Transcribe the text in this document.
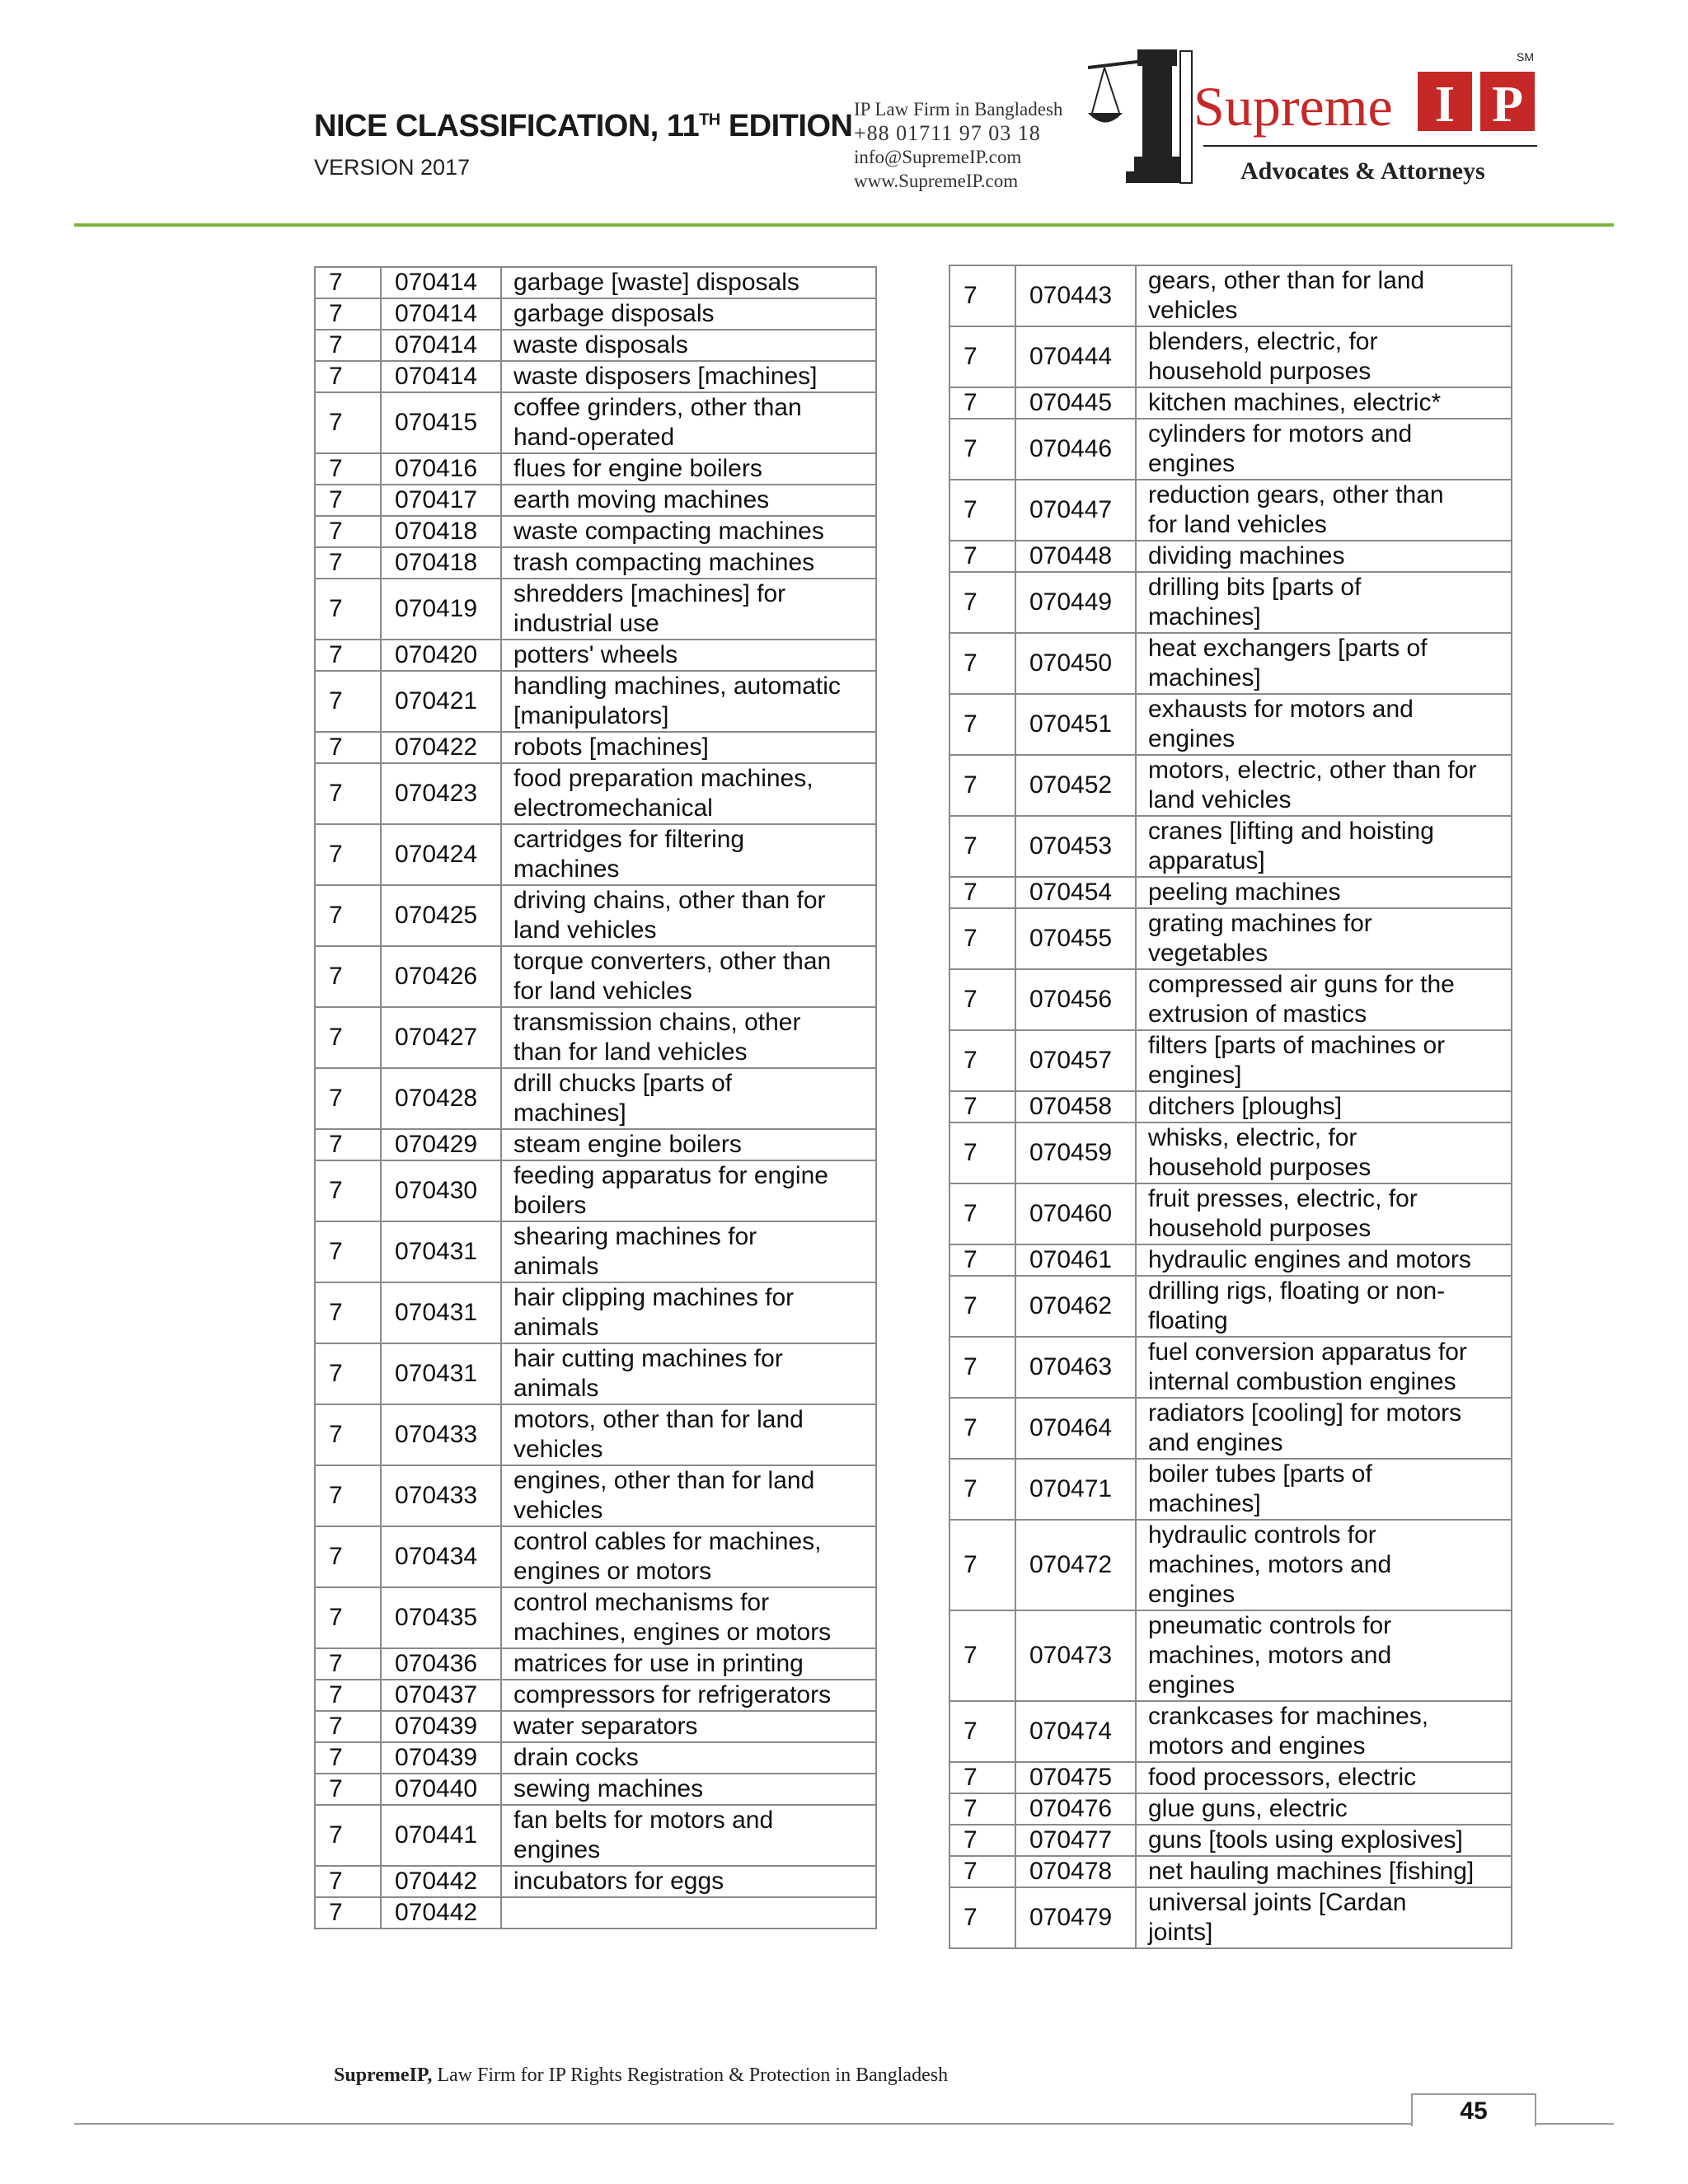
NICE CLASSIFICATION, 11TH EDITION
VERSION 2017
IP Law Firm in Bangladesh
+88 01711 97 03 18
info@SupremeIP.com
www.SupremeIP.com
Supreme I P
SM
Advocates & Attorneys
7	070414	garbage [waste] disposals

7	070414	garbage disposals

7	070414	waste disposals

7	070414	waste disposers [machines]

7	070415	coffee grinders, other than
hand-operated

7	070416	flues for engine boilers

7	070417	earth moving machines

7	070418	waste compacting machines

7	070418	trash compacting machines

7	070419	shredders [machines] for
industrial use

7	070420	potters' wheels

7	070421	handling machines, automatic
[manipulators]

7	070422	robots [machines]

7	070423	food preparation machines,
electromechanical

7	070424	cartridges for filtering
machines

7	070425	driving chains, other than for
land vehicles

7	070426	torque converters, other than
for land vehicles

7	070427	transmission chains, other
than for land vehicles

7	070428	drill chucks [parts of
machines]

7	070429	steam engine boilers

7	070430	feeding apparatus for engine
boilers

7	070431	shearing machines for
animals

7	070431	hair clipping machines for
animals

7	070431	hair cutting machines for
animals

7	070433	motors, other than for land
vehicles

7	070433	engines, other than for land
vehicles

7	070434	control cables for machines,
engines or motors

7	070435	control mechanisms for
machines, engines or motors

7	070436	matrices for use in printing

7	070437	compressors for refrigerators

7	070439	water separators

7	070439	drain cocks

7	070440	sewing machines

7	070441	fan belts for motors and
engines

7	070442	incubators for eggs

7	070442	
7	070443	gears, other than for land
vehicles

7	070444	blenders, electric, for
household purposes

7	070445	kitchen machines, electric*

7	070446	cylinders for motors and
engines

7	070447	reduction gears, other than
for land vehicles

7	070448	dividing machines

7	070449	drilling bits [parts of
machines]

7	070450	heat exchangers [parts of
machines]

7	070451	exhausts for motors and
engines

7	070452	motors, electric, other than for
land vehicles

7	070453	cranes [lifting and hoisting
apparatus]

7	070454	peeling machines

7	070455	grating machines for
vegetables

7	070456	compressed air guns for the
extrusion of mastics

7	070457	filters [parts of machines or
engines]

7	070458	ditchers [ploughs]

7	070459	whisks, electric, for
household purposes

7	070460	fruit presses, electric, for
household purposes

7	070461	hydraulic engines and motors

7	070462	drilling rigs, floating or non-
floating

7	070463	fuel conversion apparatus for
internal combustion engines

7	070464	radiators [cooling] for motors
and engines

7	070471	boiler tubes [parts of
machines]

7	070472	hydraulic controls for
machines, motors and
engines

7	070473	pneumatic controls for
machines, motors and
engines

7	070474	crankcases for machines,
motors and engines

7	070475	food processors, electric

7	070476	glue guns, electric

7	070477	guns [tools using explosives]

7	070478	net hauling machines [fishing]

7	070479	universal joints [Cardan
joints]
SupremeIP, Law Firm for IP Rights Registration & Protection in Bangladesh
45
